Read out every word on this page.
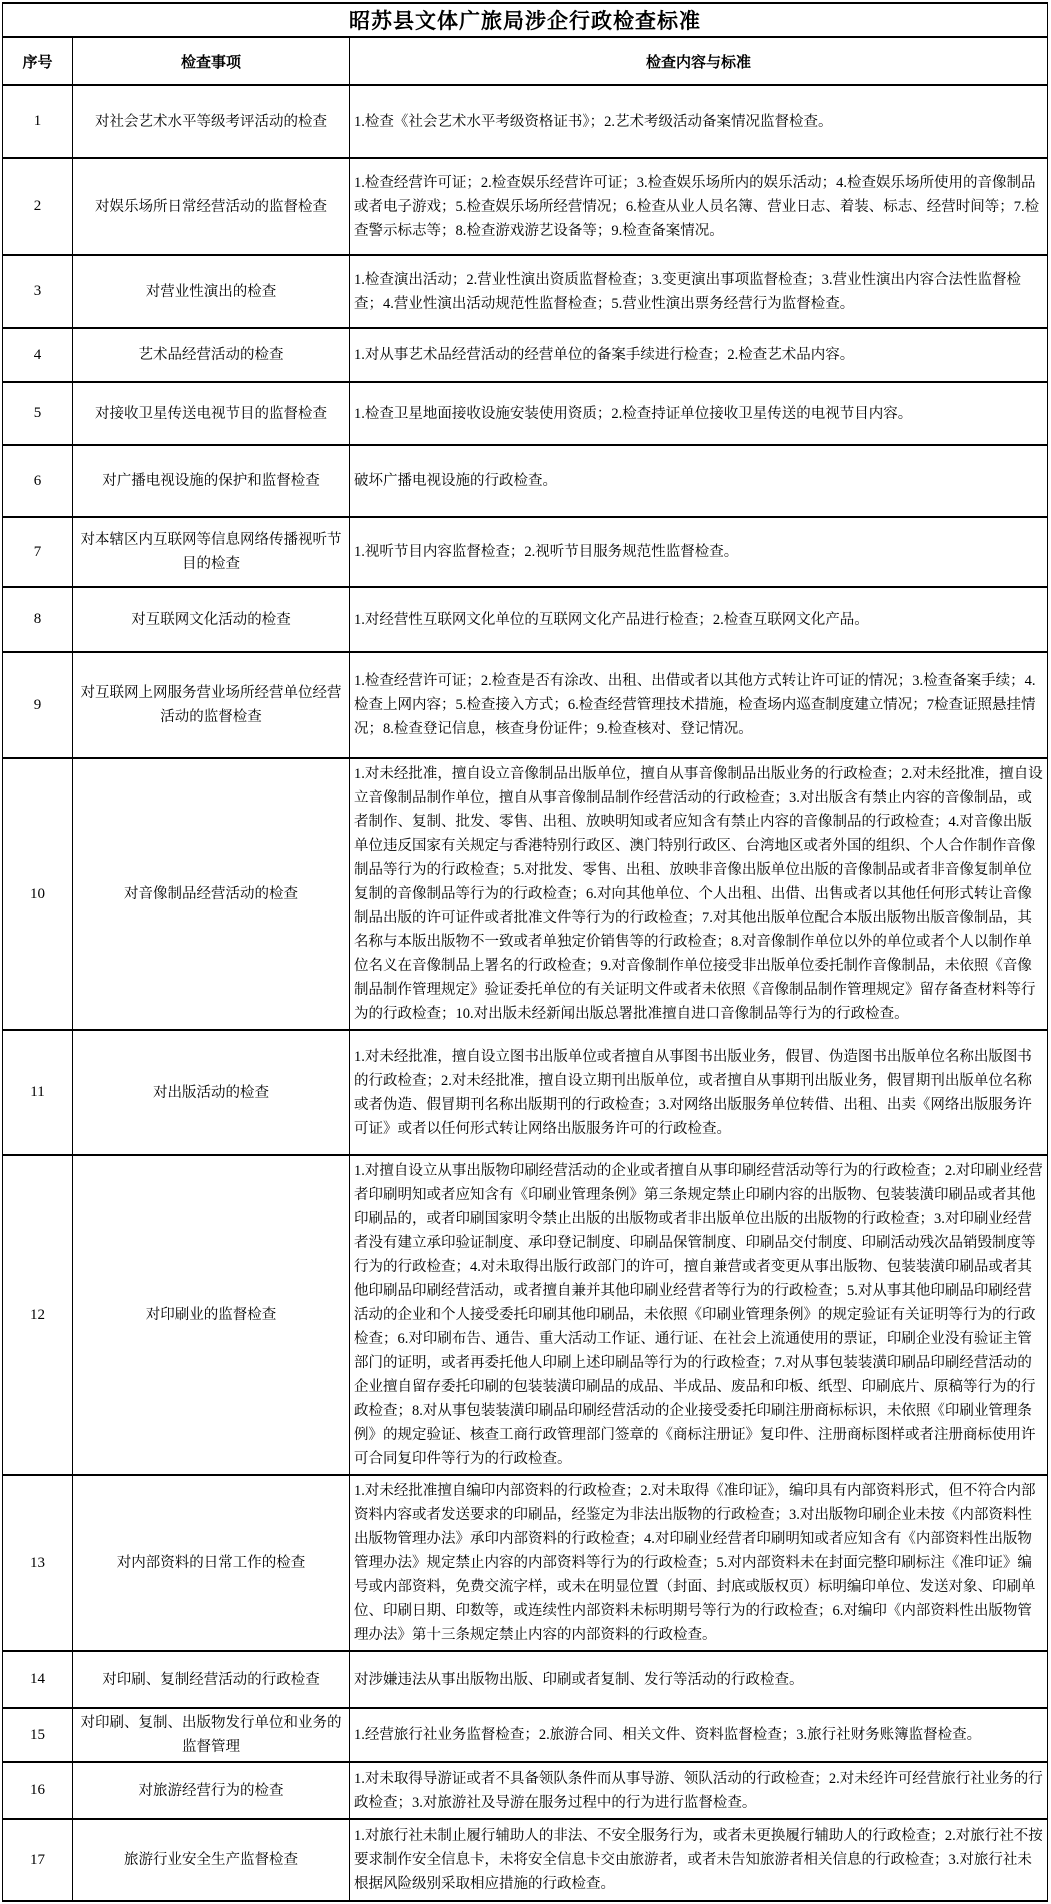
昭苏县文体广旅局涉企行政检查标准		
序号	检查事项	检查内容与标准
1	对社会艺术水平等级考评活动的检查	1.检查《社会艺术水平考级资格证书》；2.艺术考级活动备案情况监督检查。
2	对娱乐场所日常经营活动的监督检查	1.检查经营许可证；2.检查娱乐经营许可证；3.检查娱乐场所内的娱乐活动；4.检查娱乐场所使用的音像制品或者电子游戏；5.检查娱乐场所经营情况；6.检查从业人员名簿、营业日志、着装、标志、经营时间等；7.检查警示标志等；8.检查游戏游艺设备等；9.检查备案情况。
3	对营业性演出的检查	1.检查演出活动；2.营业性演出资质监督检查；3.变更演出事项监督检查；3.营业性演出内容合法性监督检查；4.营业性演出活动规范性监督检查；5.营业性演出票务经营行为监督检查。
4	艺术品经营活动的检查	1.对从事艺术品经营活动的经营单位的备案手续进行检查；2.检查艺术品内容。
5	对接收卫星传送电视节目的监督检查	1.检查卫星地面接收设施安装使用资质；2.检查持证单位接收卫星传送的电视节目内容。
6	对广播电视设施的保护和监督检查	破坏广播电视设施的行政检查。
7	对本辖区内互联网等信息网络传播视听节目的检查	1.视听节目内容监督检查；2.视听节目服务规范性监督检查。
8	对互联网文化活动的检查	1.对经营性互联网文化单位的互联网文化产品进行检查；2.检查互联网文化产品。
9	对互联网上网服务营业场所经营单位经营活动的监督检查	1.检查经营许可证；2.检查是否有涂改、出租、出借或者以其他方式转让许可证的情况；3.检查备案手续；4.检查上网内容；5.检查接入方式；6.检查经营管理技术措施，检查场内巡查制度建立情况；7检查证照悬挂情况；8.检查登记信息，核查身份证件；9.检查核对、登记情况。
10	对音像制品经营活动的检查	1.对未经批准，擅自设立音像制品出版单位，擅自从事音像制品出版业务的行政检查；2.对未经批准，擅自设立音像制品制作单位，擅自从事音像制品制作经营活动的行政检查；3.对出版含有禁止内容的音像制品，或者制作、复制、批发、零售、出租、放映明知或者应知含有禁止内容的音像制品的行政检查；4.对音像出版单位违反国家有关规定与香港特别行政区、澳门特别行政区、台湾地区或者外国的组织、个人合作制作音像制品等行为的行政检查；5.对批发、零售、出租、放映非音像出版单位出版的音像制品或者非音像复制单位复制的音像制品等行为的行政检查；6.对向其他单位、个人出租、出借、出售或者以其他任何形式转让音像制品出版的许可证件或者批准文件等行为的行政检查；7.对其他出版单位配合本版出版物出版音像制品，其名称与本版出版物不一致或者单独定价销售等的行政检查；8.对音像制作单位以外的单位或者个人以制作单位名义在音像制品上署名的行政检查；9.对音像制作单位接受非出版单位委托制作音像制品，未依照《音像制品制作管理规定》验证委托单位的有关证明文件或者未依照《音像制品制作管理规定》留存备查材料等行为的行政检查；10.对出版未经新闻出版总署批准擅自进口音像制品等行为的行政检查。
11	对出版活动的检查	1.对未经批准，擅自设立图书出版单位或者擅自从事图书出版业务，假冒、伪造图书出版单位名称出版图书的行政检查；2.对未经批准，擅自设立期刊出版单位，或者擅自从事期刊出版业务，假冒期刊出版单位名称或者伪造、假冒期刊名称出版期刊的行政检查；3.对网络出版服务单位转借、出租、出卖《网络出版服务许可证》或者以任何形式转让网络出版服务许可的行政检查。
12	对印刷业的监督检查	1.对擅自设立从事出版物印刷经营活动的企业或者擅自从事印刷经营活动等行为的行政检查；2.对印刷业经营者印刷明知或者应知含有《印刷业管理条例》第三条规定禁止印刷内容的出版物、包装装潢印刷品或者其他印刷品的，或者印刷国家明令禁止出版的出版物或者非出版单位出版的出版物的行政检查；3.对印刷业经营者没有建立承印验证制度、承印登记制度、印刷品保管制度、印刷品交付制度、印刷活动残次品销毁制度等行为的行政检查；4.对未取得出版行政部门的许可，擅自兼营或者变更从事出版物、包装装潢印刷品或者其他印刷品印刷经营活动，或者擅自兼并其他印刷业经营者等行为的行政检查；5.对从事其他印刷品印刷经营活动的企业和个人接受委托印刷其他印刷品，未依照《印刷业管理条例》的规定验证有关证明等行为的行政检查；6.对印刷布告、通告、重大活动工作证、通行证、在社会上流通使用的票证，印刷企业没有验证主管部门的证明，或者再委托他人印刷上述印刷品等行为的行政检查；7.对从事包装装潢印刷品印刷经营活动的企业擅自留存委托印刷的包装装潢印刷品的成品、半成品、废品和印板、纸型、印刷底片、原稿等行为的行政检查；8.对从事包装装潢印刷品印刷经营活动的企业接受委托印刷注册商标标识，未依照《印刷业管理条例》的规定验证、核查工商行政管理部门签章的《商标注册证》复印件、注册商标图样或者注册商标使用许可合同复印件等行为的行政检查。
13	对内部资料的日常工作的检查	1.对未经批准擅自编印内部资料的行政检查；2.对未取得《准印证》，编印具有内部资料形式，但不符合内部资料内容或者发送要求的印刷品，经鉴定为非法出版物的行政检查；3.对出版物印刷企业未按《内部资料性出版物管理办法》承印内部资料的行政检查；4.对印刷业经营者印刷明知或者应知含有《内部资料性出版物管理办法》规定禁止内容的内部资料等行为的行政检查；5.对内部资料未在封面完整印刷标注《准印证》编号或内部资料，免费交流字样，或未在明显位置（封面、封底或版权页）标明编印单位、发送对象、印刷单位、印刷日期、印数等，或连续性内部资料未标明期号等行为的行政检查；6.对编印《内部资料性出版物管理办法》第十三条规定禁止内容的内部资料的行政检查。
14	对印刷、复制经营活动的行政检查	对涉嫌违法从事出版物出版、印刷或者复制、发行等活动的行政检查。
15	对印刷、复制、出版物发行单位和业务的监督管理	1.经营旅行社业务监督检查；2.旅游合同、相关文件、资料监督检查；3.旅行社财务账簿监督检查。
16	对旅游经营行为的检查	1.对未取得导游证或者不具备领队条件而从事导游、领队活动的行政检查；2.对未经许可经营旅行社业务的行政检查；3.对旅游社及导游在服务过程中的行为进行监督检查。
17	旅游行业安全生产监督检查	1.对旅行社未制止履行辅助人的非法、不安全服务行为，或者未更换履行辅助人的行政检查；2.对旅行社不按要求制作安全信息卡，未将安全信息卡交由旅游者，或者未告知旅游者相关信息的行政检查；3.对旅行社未根据风险级别采取相应措施的行政检查。
